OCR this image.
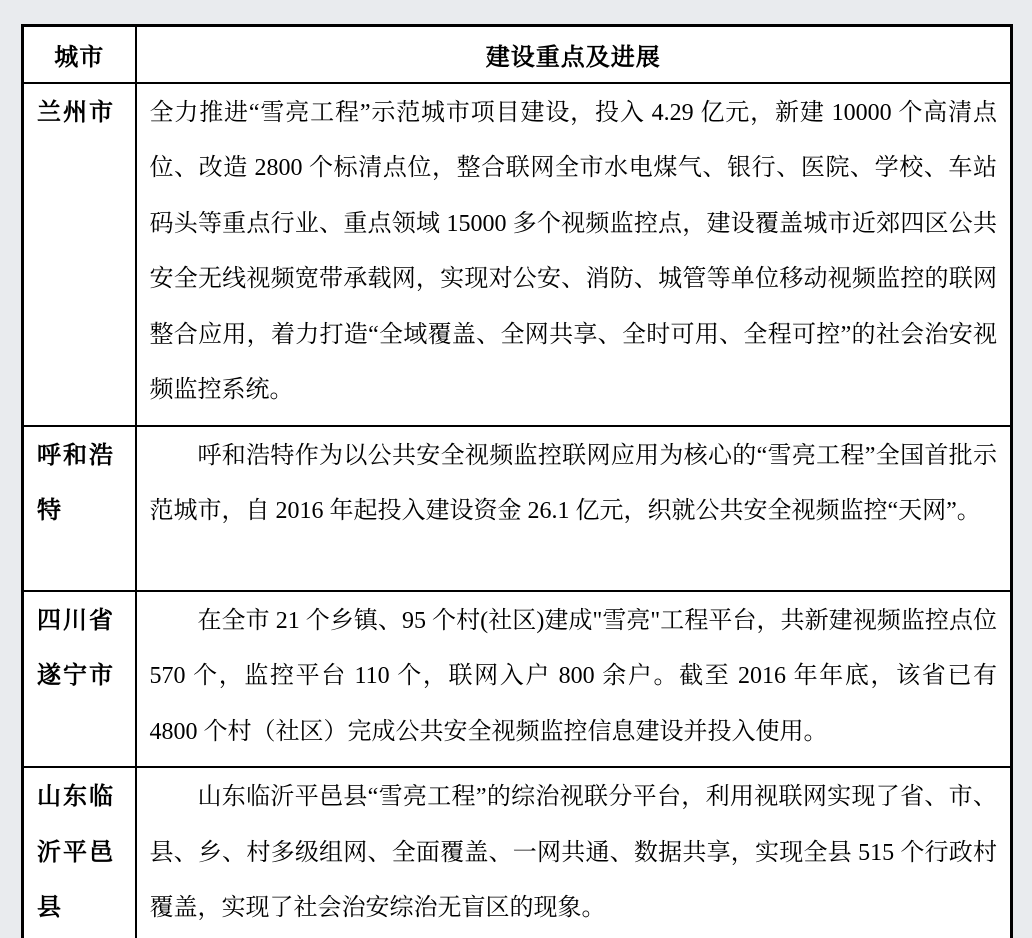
城市	建设重点及进展
兰州市	全力推进“雪亮工程”示范城市项目建设，投入 4.29 亿元，新建 10000 个高清点位、改造 2800 个标清点位，整合联网全市水电煤气、银行、医院、学校、车站码头等重点行业、重点领域 15000 多个视频监控点，建设覆盖城市近郊四区公共安全无线视频宽带承载网，实现对公安、消防、城管等单位移动视频监控的联网整合应用，着力打造“全域覆盖、全网共享、全时可用、全程可控”的社会治安视频监控系统。
呼和浩特	呼和浩特作为以公共安全视频监控联网应用为核心的“雪亮工程”全国首批示范城市，自 2016 年起投入建设资金 26.1 亿元，织就公共安全视频监控“天网”。
四川省遂宁市	在全市 21 个乡镇、95 个村(社区)建成"雪亮"工程平台，共新建视频监控点位 570 个，监控平台 110 个，联网入户 800 余户。截至 2016 年年底，该省已有 4800 个村（社区）完成公共安全视频监控信息建设并投入使用。
山东临沂平邑县	山东临沂平邑县“雪亮工程”的综治视联分平台，利用视联网实现了省、市、县、乡、村多级组网、全面覆盖、一网共通、数据共享，实现全县 515 个行政村覆盖，实现了社会治安综治无盲区的现象。
